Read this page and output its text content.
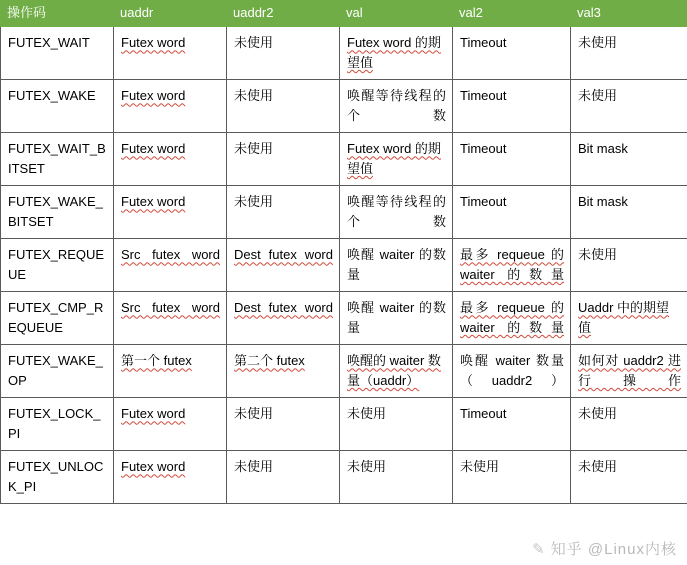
操作码	uaddr	uaddr2	val	val2	val3
FUTEX_WAIT	Futex word	未使用	Futex word 的期望值	Timeout	未使用
FUTEX_WAKE	Futex word	未使用	唤醒等待线程的个数	Timeout	未使用
FUTEX_WAIT_BITSET	Futex word	未使用	Futex word 的期望值	Timeout	Bit mask
FUTEX_WAKE_BITSET	Futex word	未使用	唤醒等待线程的个数	Timeout	Bit mask
FUTEX_REQUEUE	Src futex word	Dest futex word	唤醒 waiter 的数量	最多 requeue 的 waiter 的数量	未使用
FUTEX_CMP_REQUEUE	Src futex word	Dest futex word	唤醒 waiter 的数量	最多 requeue 的 waiter 的数量	Uaddr 中的期望值
FUTEX_WAKE_OP	第一个 futex	第二个 futex	唤醒的 waiter 数量（uaddr）	唤醒 waiter 数量（uaddr2）	如何对 uaddr2 进行操作

FUTEX_LOCK_PI	Futex word	未使用	未使用	Timeout	未使用
FUTEX_UNLOCK_PI	Futex word	未使用	未使用	未使用	未使用
✎ 知乎 @Linux内核
